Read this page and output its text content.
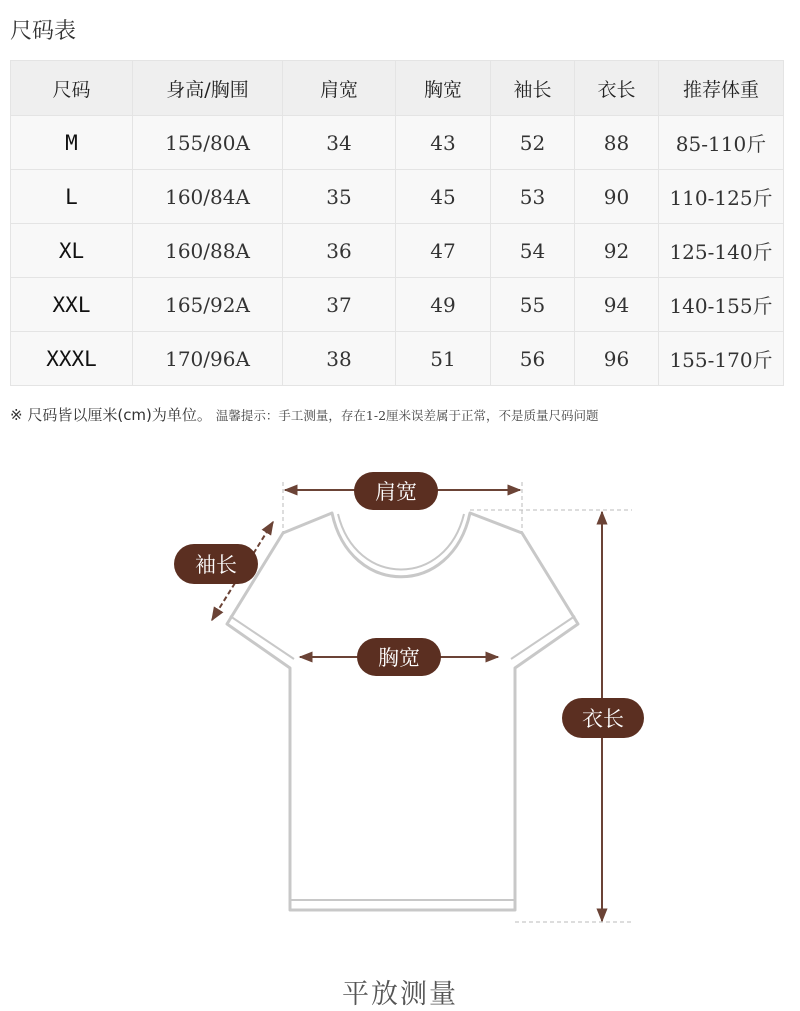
尺码表
尺码	身高/胸围	肩宽	胸宽	袖长	衣长	推荐体重
M	155/80A	34	43	52	88	85-110斤
L	160/84A	35	45	53	90	110-125斤
XL	160/88A	36	47	54	92	125-140斤
XXL	165/92A	37	49	55	94	140-155斤
XXXL	170/96A	38	51	56	96	155-170斤
※ 尺码皆以厘米(cm)为单位。 温馨提示：手工测量，存在1-2厘米误差属于正常，不是质量尺码问题
肩宽
袖长
胸宽
衣长
平放测量
